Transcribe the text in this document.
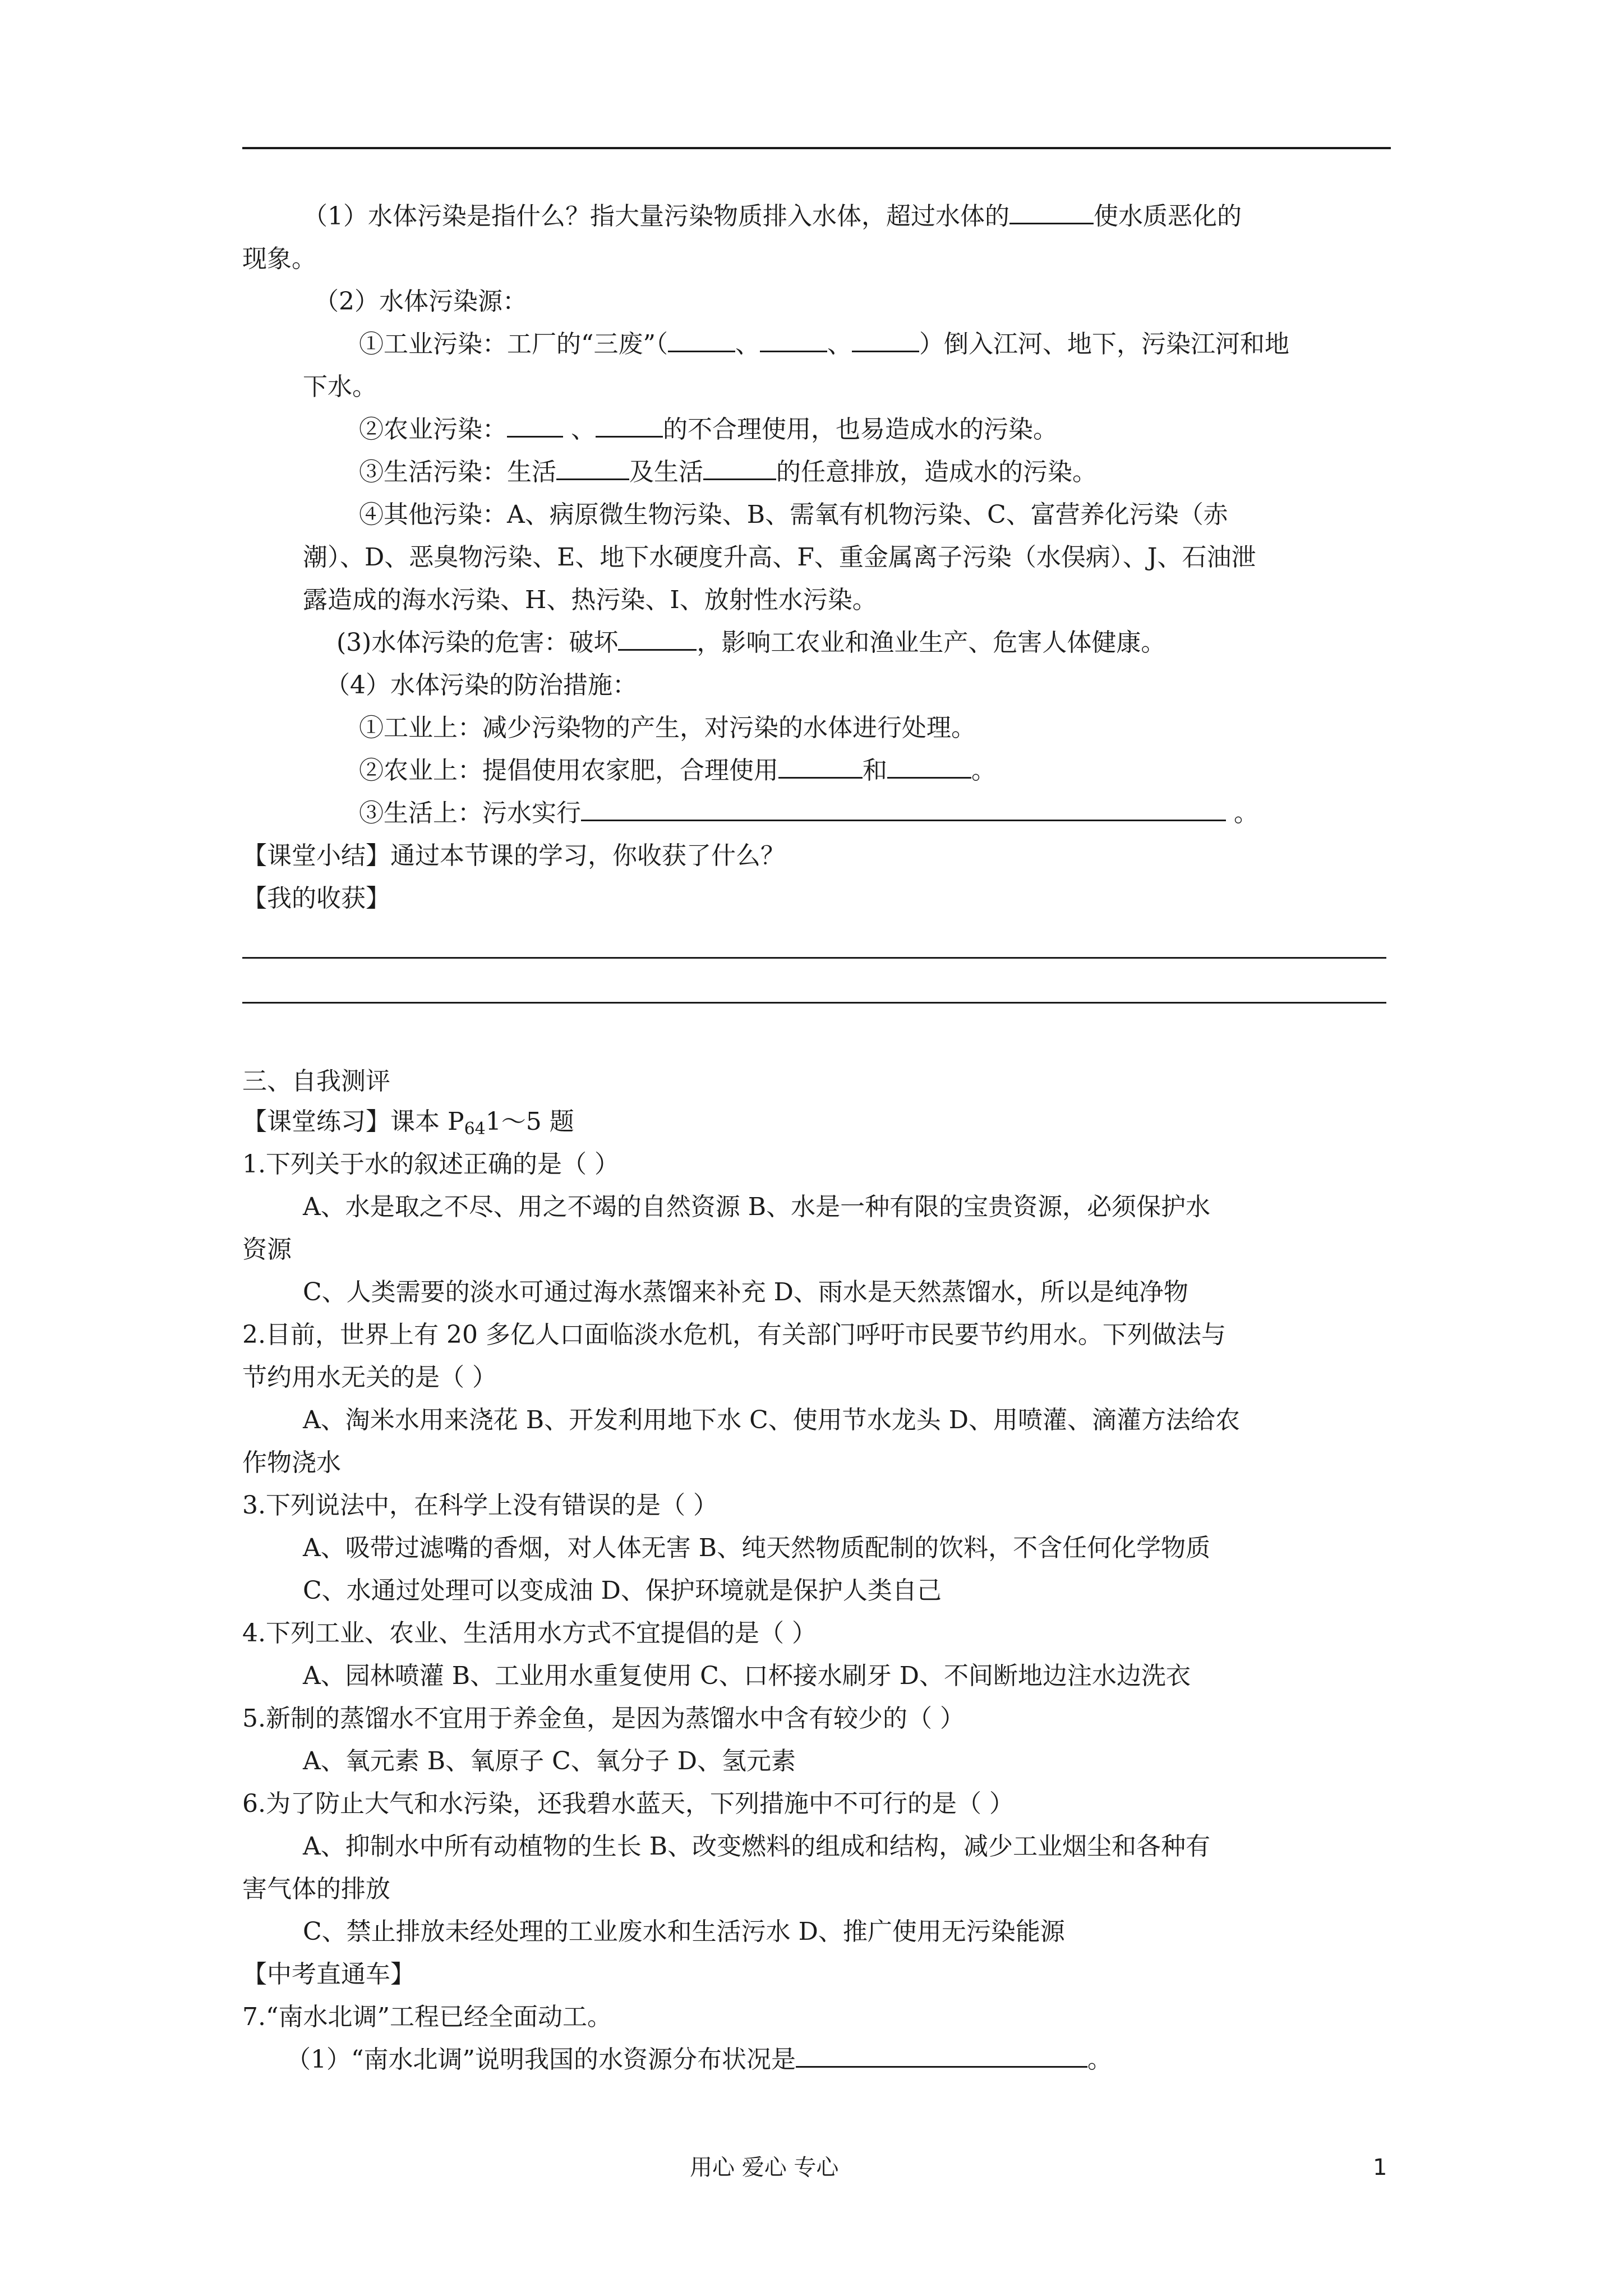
（1）水体污染是指什么？指大量污染物质排入水体，超过水体的	使水质恶化的
现象。
（2）水体污染源：
①工业污染：工厂的“三废”（	、	、	）倒入江河、地下，污染江河和地
下水。
②农业污染： 、	的不合理使用，也易造成水的污染。
③生活污染：生活	及生活	的任意排放，造成水的污染。
④其他污染：A、病原微生物污染、B、需氧有机物污染、C、富营养化污染（赤
潮）、D、恶臭物污染、E、地下水硬度升高、F、重金属离子污染（水俣病）、J、石油泄
露造成的海水污染、H、热污染、I、放射性水污染。
(3)水体污染的危害：破坏	，影响工农业和渔业生产、危害人体健康。
（4）水体污染的防治措施：
①工业上：减少污染物的产生，对污染的水体进行处理。
②农业上：提倡使用农家肥，合理使用	和	。
③生活上：污水实行	。
【课堂小结】通过本节课的学习，你收获了什么？
【我的收获】
三、自我测评
【课堂练习】课本 $P_{64}1\sim 5$ 题
1.下列关于水的叙述正确的是（ ）
A、水是取之不尽、用之不竭的自然资源 B、水是一种有限的宝贵资源，必须保护水
资源
C、人类需要的淡水可通过海水蒸馏来补充 D、雨水是天然蒸馏水，所以是纯净物
2.目前，世界上有 20 多亿人口面临淡水危机，有关部门呼吁市民要节约用水。下列做法与
节约用水无关的是（ ）
A、淘米水用来浇花 B、开发利用地下水 C、使用节水龙头 D、用喷灌、滴灌方法给农
作物浇水
3.下列说法中，在科学上没有错误的是（ ）
A、吸带过滤嘴的香烟，对人体无害 B、纯天然物质配制的饮料，不含任何化学物质
C、水通过处理可以变成油 D、保护环境就是保护人类自己
4.下列工业、农业、生活用水方式不宜提倡的是（ ）
A、园林喷灌 B、工业用水重复使用 C、口杯接水刷牙 D、不间断地边注水边洗衣
5.新制的蒸馏水不宜用于养金鱼，是因为蒸馏水中含有较少的（ ）
A、氧元素 B、氧原子 C、氧分子 D、氢元素
6.为了防止大气和水污染，还我碧水蓝天，下列措施中不可行的是（ ）
A、抑制水中所有动植物的生长 B、改变燃料的组成和结构，减少工业烟尘和各种有
害气体的排放
C、禁止排放未经处理的工业废水和生活污水 D、推广使用无污染能源
【中考直通车】
7.“南水北调”工程已经全面动工。
（1）“南水北调”说明我国的水资源分布状况是	。
用心 爱心 专心	1
